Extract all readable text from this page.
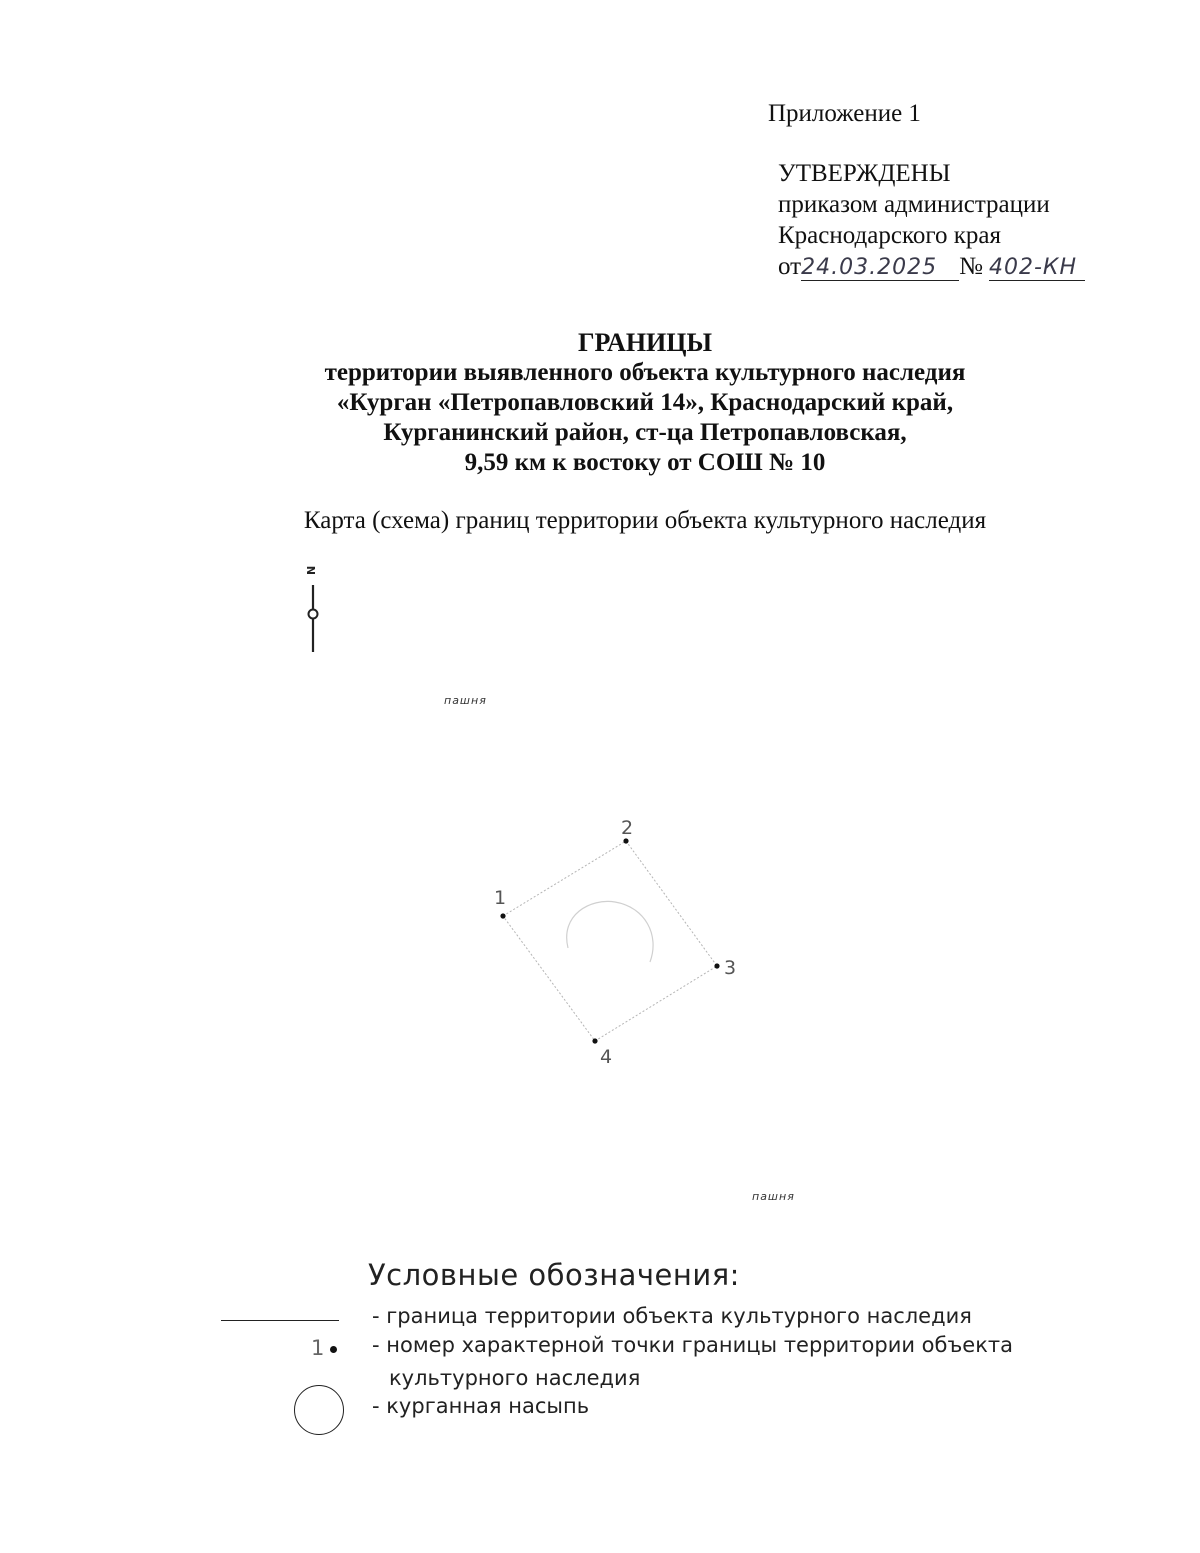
Приложение 1
УТВЕРЖДЕНЫ
приказом администрации
Краснодарского края
от24.03.2025 № 402-КН
ГРАНИЦЫ
территории выявленного объекта культурного наследия
«Курган «Петропавловский 14», Краснодарский край,
Курганинский район, ст-ца Петропавловская,
9,59 км к востоку от СОШ № 10
Карта (схема) границ территории объекта культурного наследия
N
пашня
пашня
1
2
3
4
Условные обозначения:
- граница территории объекта культурного наследия
1	- номер характерной точки границы территории объекта
культурного наследия
- курганная насыпь
